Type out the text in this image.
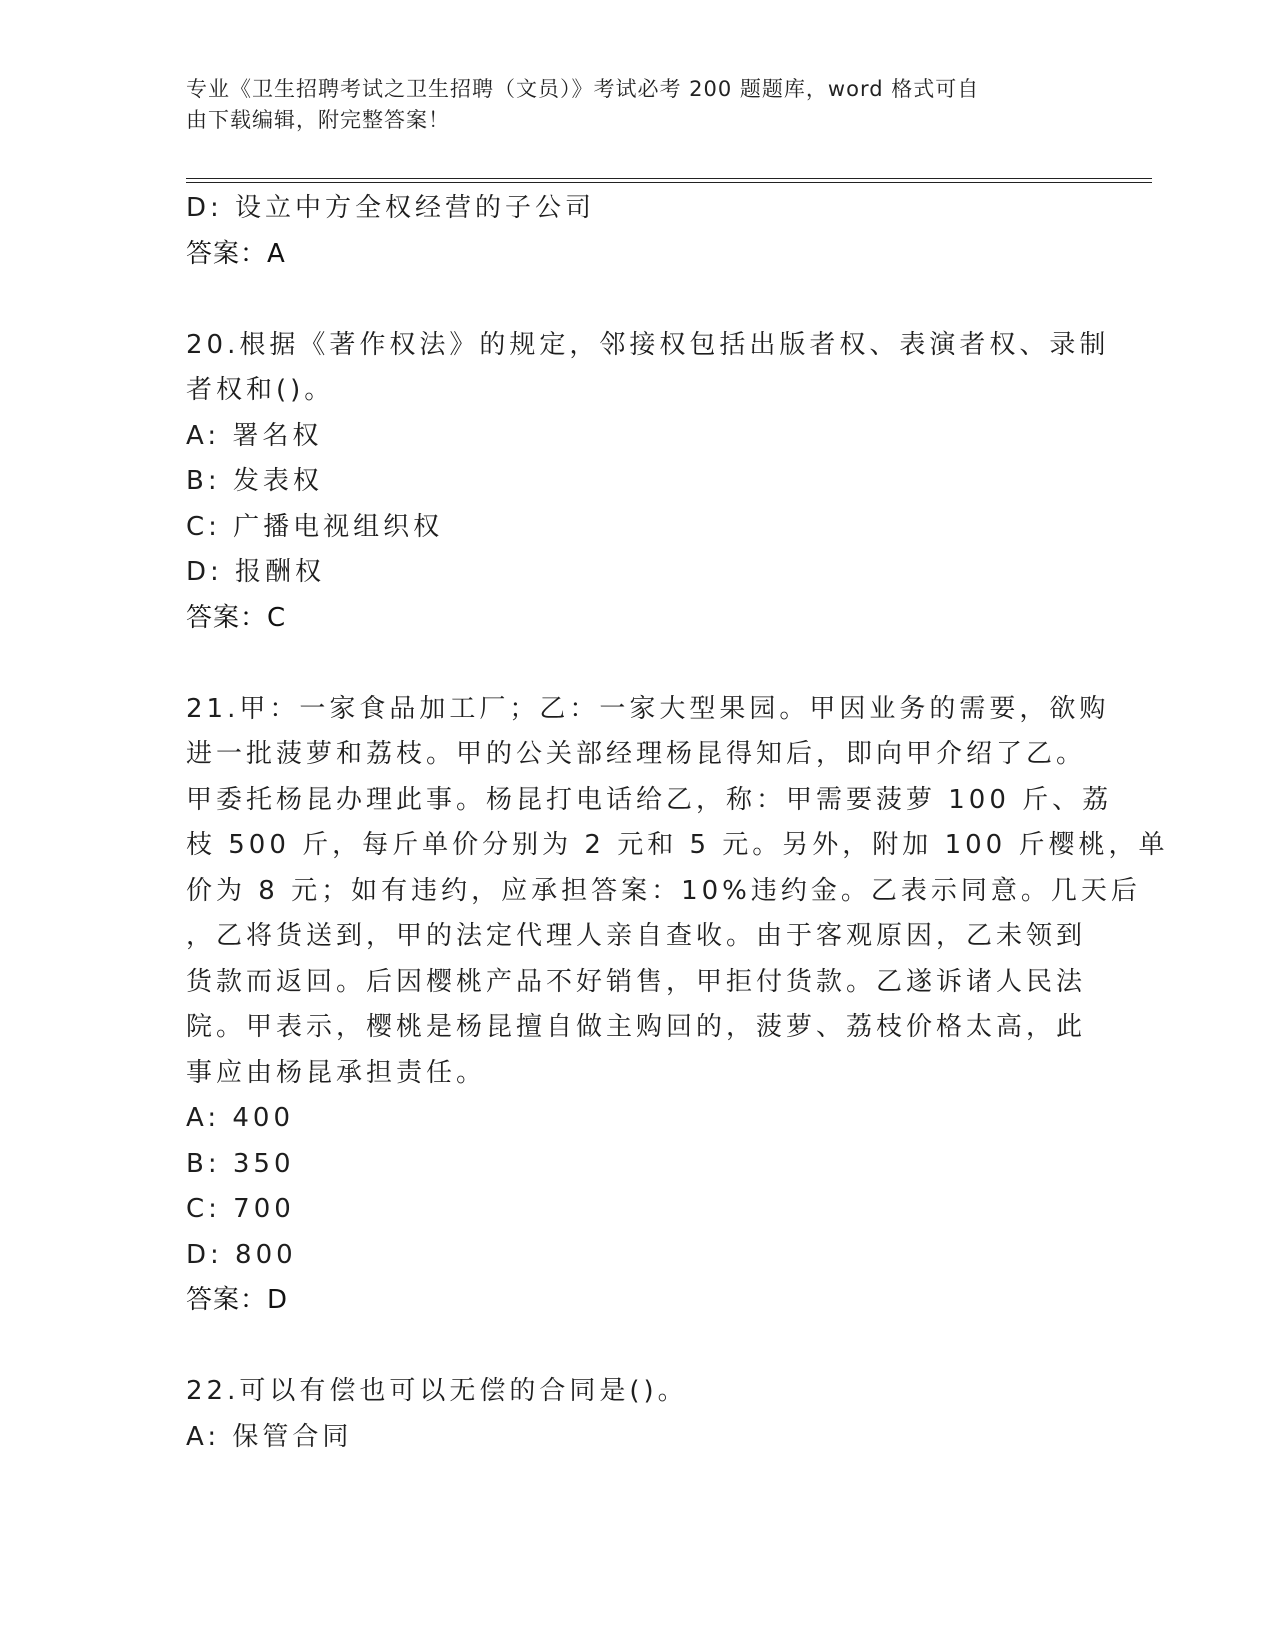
专业《卫生招聘考试之卫生招聘（文员）》考试必考 200 题题库，word 格式可自
由下载编辑，附完整答案！
D: 设立中方全权经营的子公司
答案：A
20.根据《著作权法》的规定，邻接权包括出版者权、表演者权、录制
者权和()。
A: 署名权
B: 发表权
C: 广播电视组织权
D: 报酬权
答案：C
21.甲：一家食品加工厂；乙：一家大型果园。甲因业务的需要，欲购
进一批菠萝和荔枝。甲的公关部经理杨昆得知后，即向甲介绍了乙。
甲委托杨昆办理此事。杨昆打电话给乙，称：甲需要菠萝 100 斤、荔
枝 500 斤，每斤单价分别为 2 元和 5 元。另外，附加 100 斤樱桃，单
价为 8 元；如有违约，应承担答案：10%违约金。乙表示同意。几天后
，乙将货送到，甲的法定代理人亲自查收。由于客观原因，乙未领到
货款而返回。后因樱桃产品不好销售，甲拒付货款。乙遂诉诸人民法
院。甲表示，樱桃是杨昆擅自做主购回的，菠萝、荔枝价格太高，此
事应由杨昆承担责任。
A: 400
B: 350
C: 700
D: 800
答案：D
22.可以有偿也可以无偿的合同是()。
A: 保管合同
